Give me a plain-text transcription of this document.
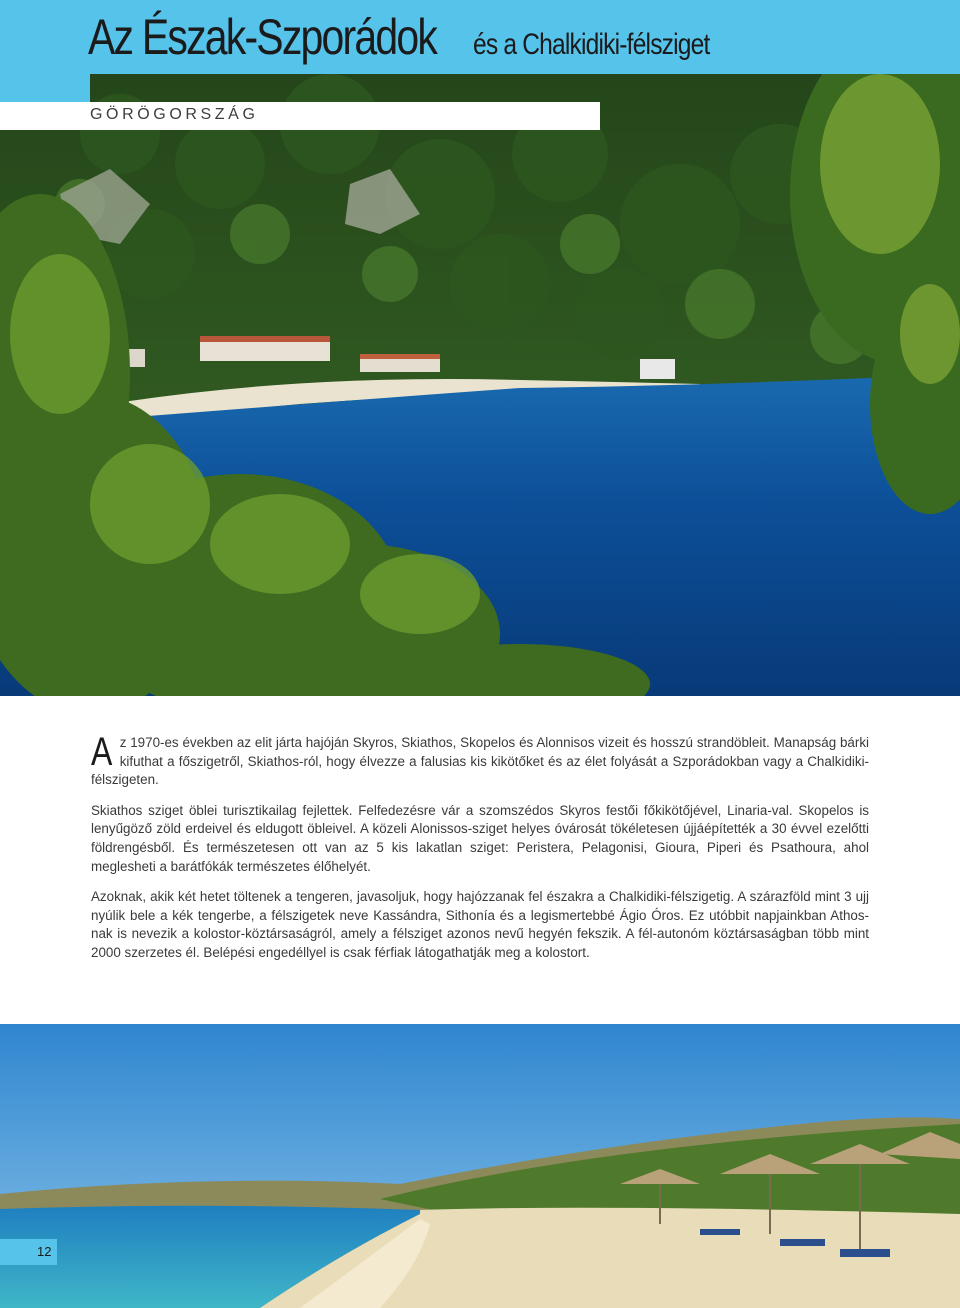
Az Észak-Szporádok és a Chalkidiki-félsziget
GÖRÖGORSZÁG

A z 1970-es években az elit járta hajóján Skyros, Skiathos, Skopelos és Alonnisos vizeit és hosszú strandöbleit. Manapság bárki kifuthat a főszigetről, Skiathos-ról, hogy élvezze a falusias kis kikötőket és az élet folyását a Szporádokban vagy a Chalkidiki-félszigeten.

Skiathos sziget öblei turisztikailag fejlettek. Felfedezésre vár a szomszédos Skyros festői főkikötőjével, Linaria-val. Skopelos is lenyűgöző zöld erdeivel és eldugott öbleivel. A közeli Alonissos-sziget helyes óvárosát tökéletesen újjáépítették a 30 évvel ezelőtti földrengésből. És természetesen ott van az 5 kis lakatlan sziget: Peristera, Pelagonisi, Gioura, Piperi és Psathoura, ahol meglesheti a barátfókák természetes élőhelyét.

Azoknak, akik két hetet töltenek a tengeren, javasoljuk, hogy hajózzanak fel északra a Chalkidiki-félszigetig. A szárazföld mint 3 ujj nyúlik bele a kék tengerbe, a félszigetek neve Kassándra, Sithonía és a legismertebbé Ágio Óros. Ez utóbbit napjainkban Athos-nak is nevezik a kolostor-köztársaságról, amely a félsziget azonos nevű hegyén fekszik. A fél-autonóm köztársaságban több mint 2000 szerzetes él. Belépési engedéllyel is csak férfiak látogathatják meg a kolostort.

12
